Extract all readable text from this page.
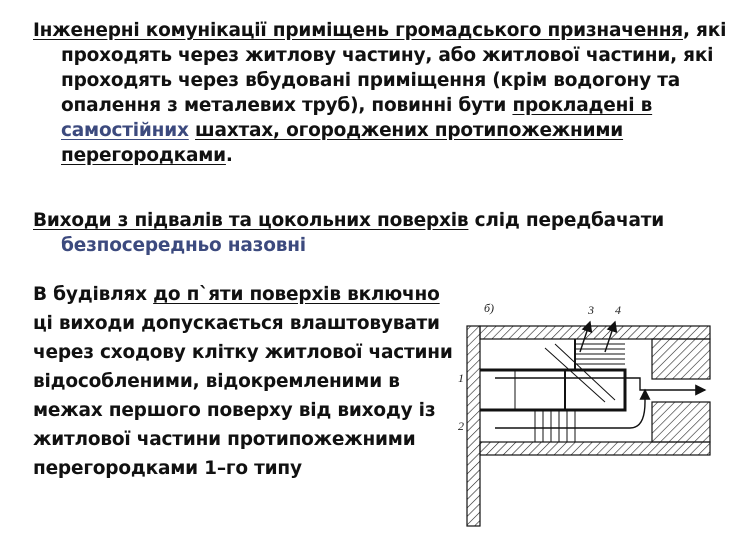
Інженерні комунікації приміщень громадського призначення, які проходять через житлову частину, або житлової частини, які проходять через вбудовані приміщення (крім водогону та опалення з металевих труб), повинні бути прокладені в самостійних шахтах, огороджених протипожежними перегородками.
Виходи з підвалів та цокольних поверхів слід передбачати безпосередньо назовні
В будівлях до п`яти поверхів включно ці виходи допускається влаштовувати через сходову клітку житлової частини відособленими, відокремленими в межах першого поверху від виходу із житлової частини протипожежними перегородками 1–го типу
б)
1
2
3 4
